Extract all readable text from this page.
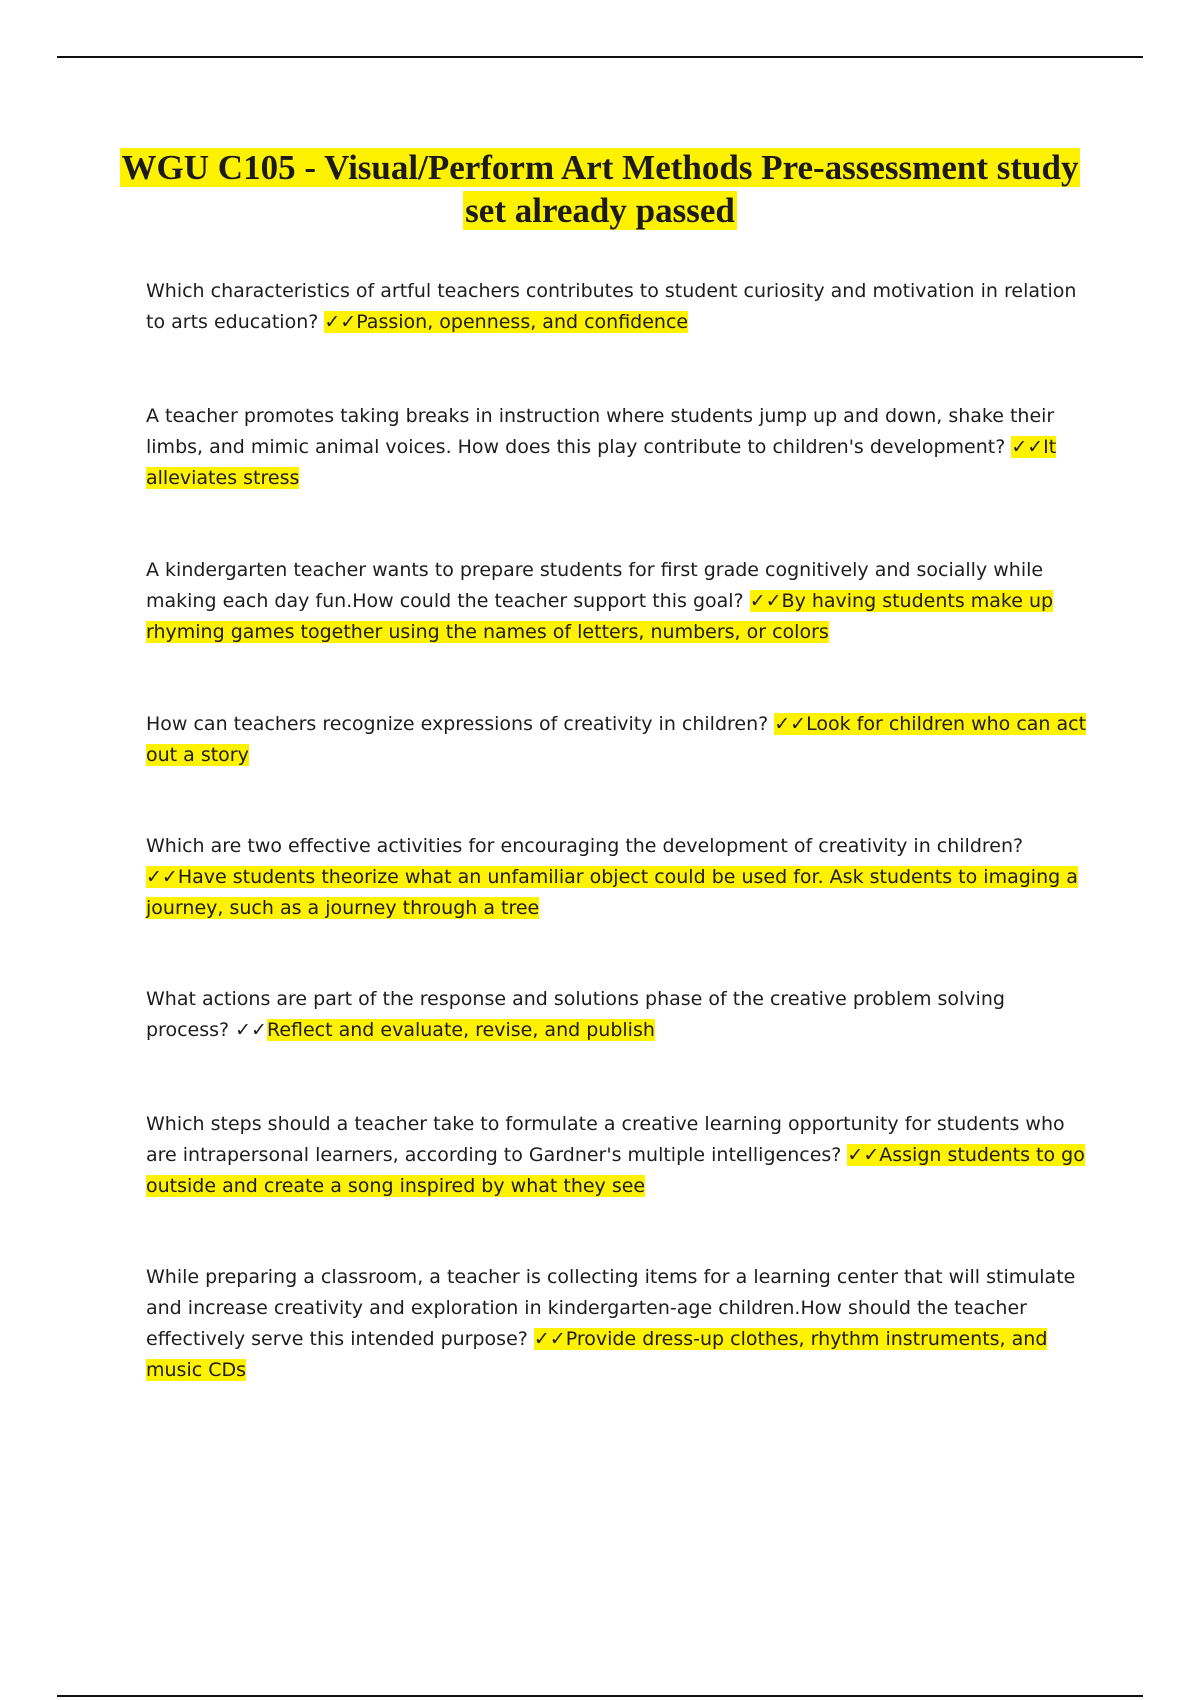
WGU C105 - Visual/Perform Art Methods Pre-assessment study set already passed

Which characteristics of artful teachers contributes to student curiosity and motivation in relation to arts education? ✓✓Passion, openness, and confidence

A teacher promotes taking breaks in instruction where students jump up and down, shake their limbs, and mimic animal voices. How does this play contribute to children's development? ✓✓It alleviates stress

A kindergarten teacher wants to prepare students for first grade cognitively and socially while making each day fun.How could the teacher support this goal? ✓✓By having students make up rhyming games together using the names of letters, numbers, or colors

How can teachers recognize expressions of creativity in children? ✓✓Look for children who can act out a story

Which are two effective activities for encouraging the development of creativity in children? ✓✓Have students theorize what an unfamiliar object could be used for. Ask students to imaging a journey, such as a journey through a tree

What actions are part of the response and solutions phase of the creative problem solving process? ✓✓Reflect and evaluate, revise, and publish

Which steps should a teacher take to formulate a creative learning opportunity for students who are intrapersonal learners, according to Gardner's multiple intelligences? ✓✓Assign students to go outside and create a song inspired by what they see

While preparing a classroom, a teacher is collecting items for a learning center that will stimulate and increase creativity and exploration in kindergarten-age children.How should the teacher effectively serve this intended purpose? ✓✓Provide dress-up clothes, rhythm instruments, and music CDs
